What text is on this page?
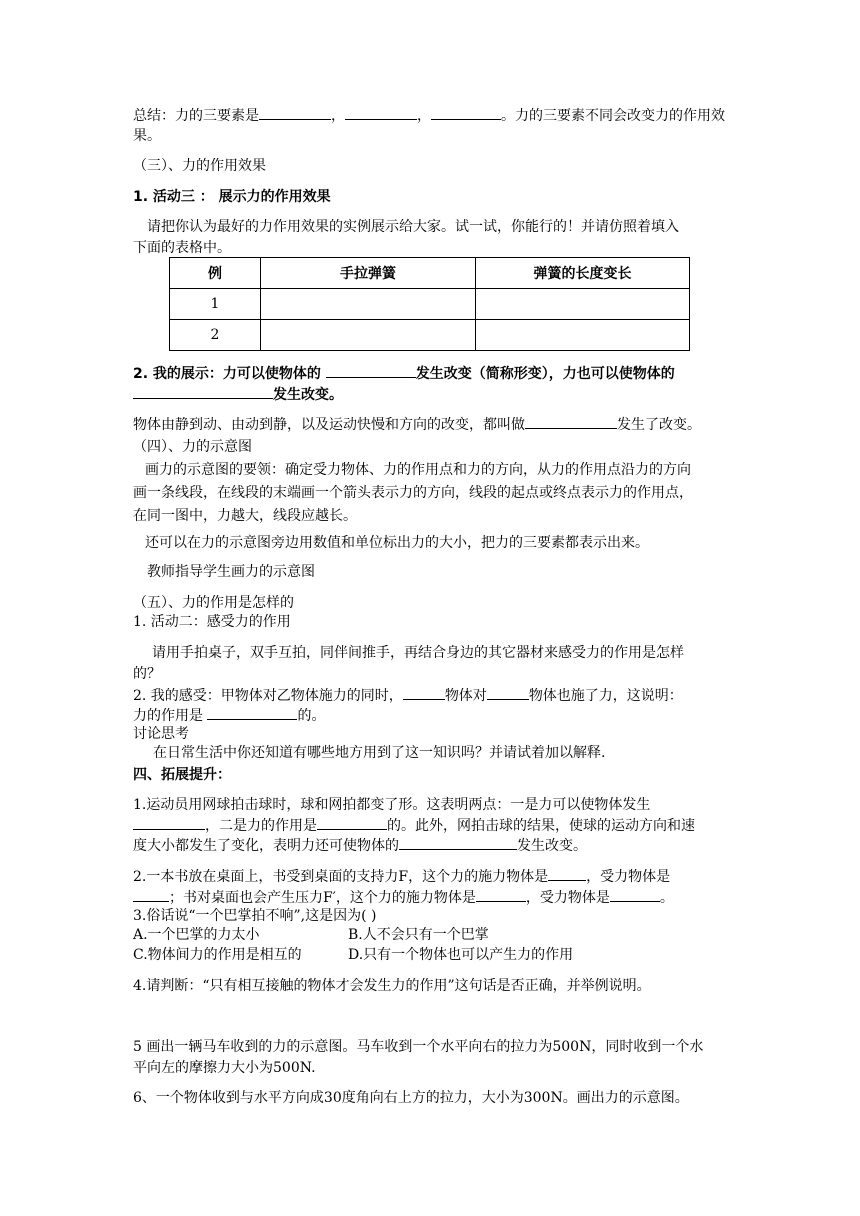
总结：力的三要素是	，	，	。力的三要素不同会改变力的作用效
果。
（三）、力的作用效果
1. 活动三 ： 展示力的作用效果
请把你认为最好的力作用效果的实例展示给大家。试一试，你能行的！并请仿照着填入
下面的表格中。
例	手拉弹簧	弹簧的长度变长
1		
2		
2. 我的展示：力可以使物体的	发生改变（简称形变），力也可以使物体的
发生改变。
物体由静到动、由动到静，以及运动快慢和方向的改变，都叫做	发生了改变。
（四）、力的示意图
画力的示意图的要领：确定受力物体、力的作用点和力的方向，从力的作用点沿力的方向
画一条线段，在线段的末端画一个箭头表示力的方向，线段的起点或终点表示力的作用点，
在同一图中，力越大，线段应越长。
还可以在力的示意图旁边用数值和单位标出力的大小，把力的三要素都表示出来。
教师指导学生画力的示意图
（五）、力的作用是怎样的
1. 活动二：感受力的作用
请用手拍桌子，双手互拍，同伴间推手，再结合身边的其它器材来感受力的作用是怎样
的？
2. 我的感受：甲物体对乙物体施力的同时，	物体对	物体也施了力，这说明：
力的作用是	的。
讨论思考
在日常生活中你还知道有哪些地方用到了这一知识吗？并请试着加以解释.
四、拓展提升：
1.运动员用网球拍击球时，球和网拍都变了形。这表明两点：一是力可以使物体发生
，二是力的作用是	的。此外，网拍击球的结果，使球的运动方向和速
度大小都发生了变化，表明力还可使物体的	发生改变。
2.一本书放在桌面上，书受到桌面的支持力F，这个力的施力物体是	，受力物体是
；书对桌面也会产生压力F′，这个力的施力物体是	，受力物体是	。
3.俗话说“一个巴掌拍不响”,这是因为( )
A.一个巴掌的力太小	B.人不会只有一个巴掌
C.物体间力的作用是相互的	D.只有一个物体也可以产生力的作用
4.请判断：“只有相互接触的物体才会发生力的作用”这句话是否正确，并举例说明。
5 画出一辆马车收到的力的示意图。马车收到一个水平向右的拉力为500N，同时收到一个水
平向左的摩擦力大小为500N.
6、一个物体收到与水平方向成30度角向右上方的拉力，大小为300N。画出力的示意图。
